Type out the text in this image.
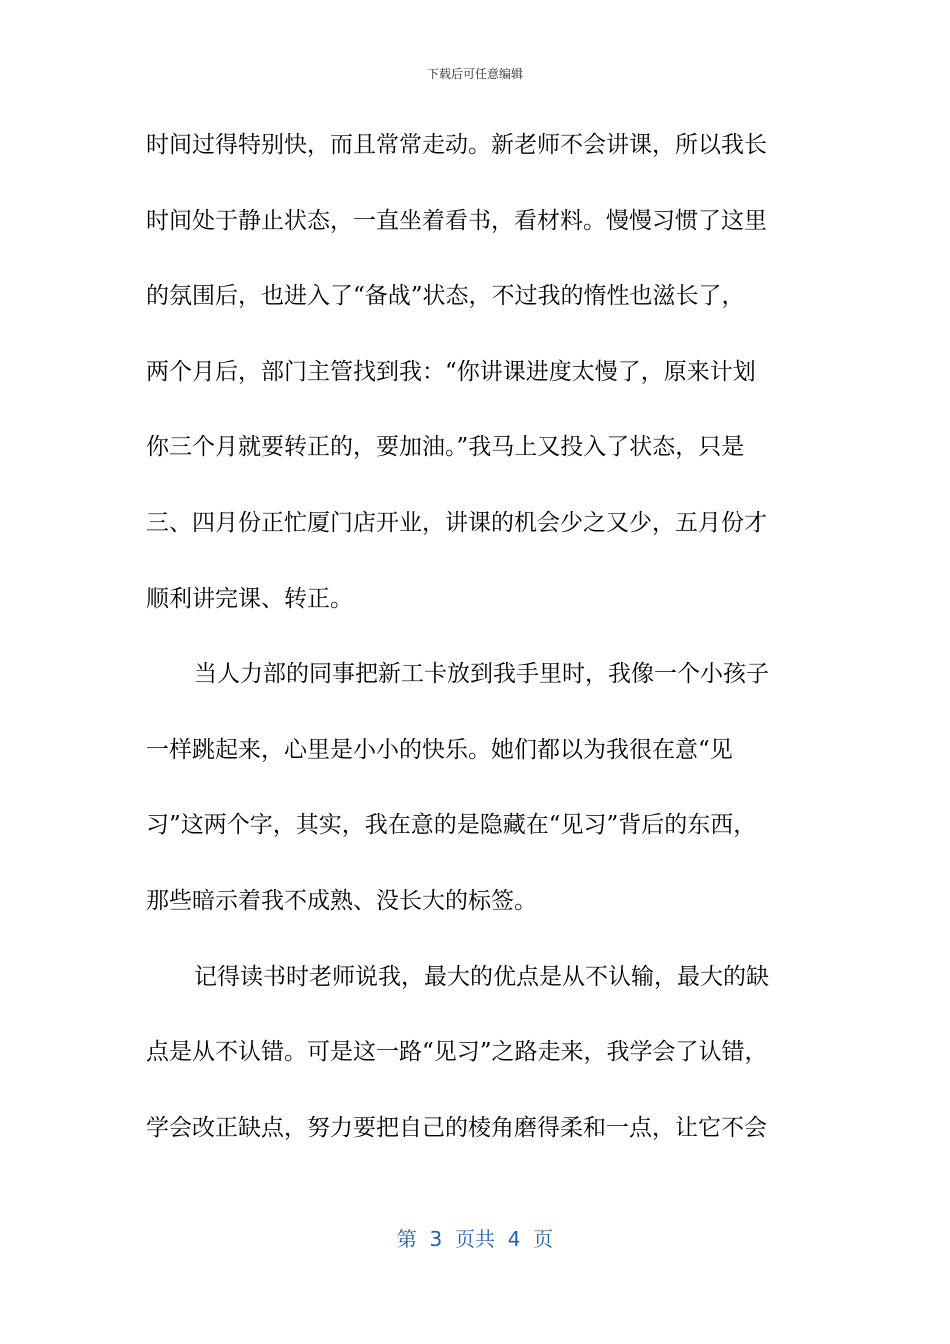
下载后可任意编辑
时间过得特别快，而且常常走动。新老师不会讲课，所以我长
时间处于静止状态，一直坐着看书，看材料。慢慢习惯了这里
的氛围后，也进入了“备战”状态，不过我的惰性也滋长了，
两个月后，部门主管找到我：“你讲课进度太慢了，原来计划
你三个月就要转正的，要加油。”我马上又投入了状态，只是
三、四月份正忙厦门店开业，讲课的机会少之又少，五月份才
顺利讲完课、转正。
当人力部的同事把新工卡放到我手里时，我像一个小孩子
一样跳起来，心里是小小的快乐。她们都以为我很在意“见
习”这两个字，其实，我在意的是隐藏在“见习”背后的东西，
那些暗示着我不成熟、没长大的标签。
记得读书时老师说我，最大的优点是从不认输，最大的缺
点是从不认错。可是这一路“见习”之路走来，我学会了认错，
学会改正缺点，努力要把自己的棱角磨得柔和一点，让它不会
第  3  页共  4  页
